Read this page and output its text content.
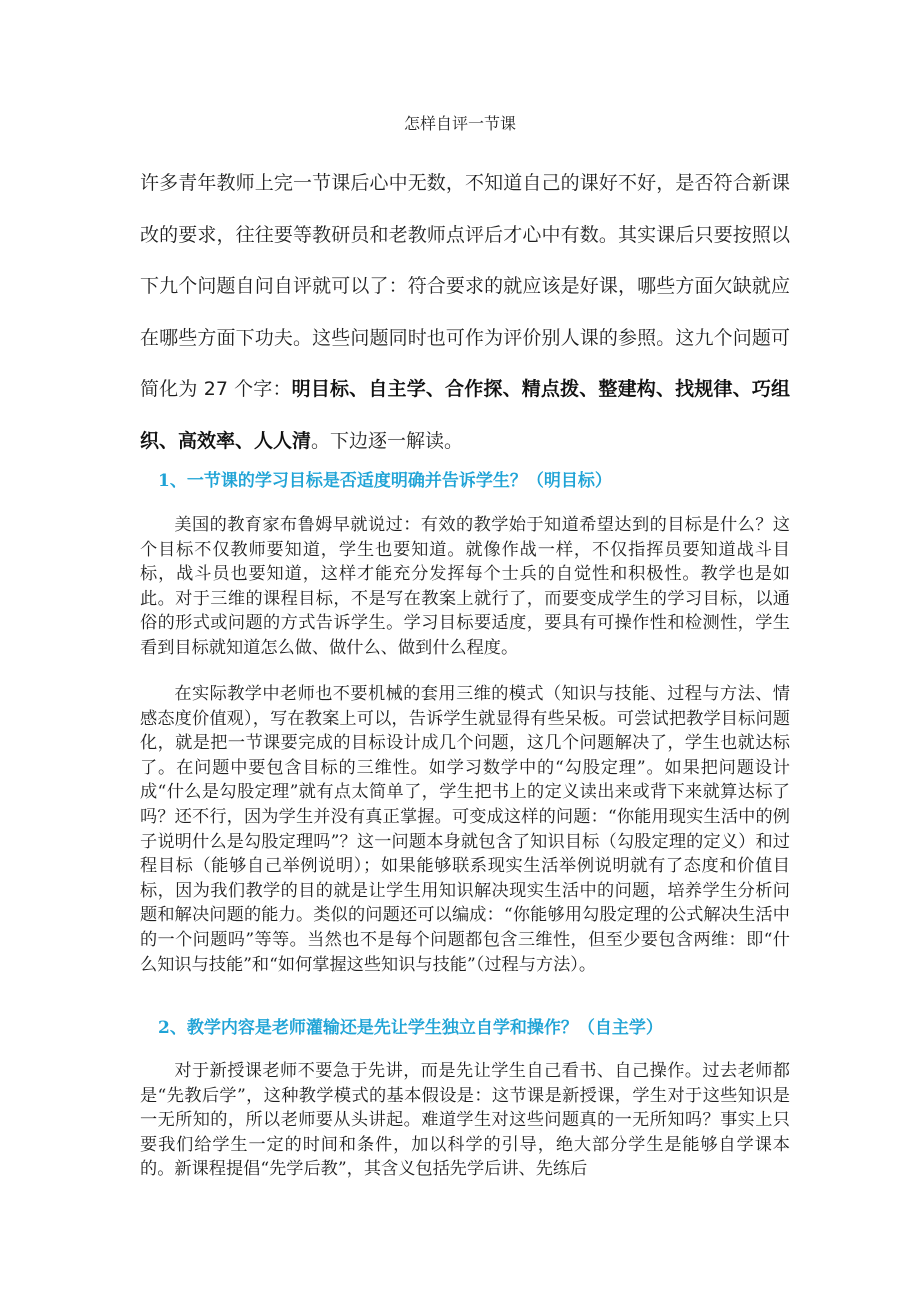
怎样自评一节课
许多青年教师上完一节课后心中无数，不知道自己的课好不好，是否符合新课改的要求，往往要等教研员和老教师点评后才心中有数。其实课后只要按照以下九个问题自问自评就可以了：符合要求的就应该是好课，哪些方面欠缺就应在哪些方面下功夫。这些问题同时也可作为评价别人课的参照。这九个问题可简化为 27 个字：明目标、自主学、合作探、精点拨、整建构、找规律、巧组织、高效率、人人清。下边逐一解读。
1、一节课的学习目标是否适度明确并告诉学生？（明目标）
美国的教育家布鲁姆早就说过：有效的教学始于知道希望达到的目标是什么？这个目标不仅教师要知道，学生也要知道。就像作战一样，不仅指挥员要知道战斗目标，战斗员也要知道，这样才能充分发挥每个士兵的自觉性和积极性。教学也是如此。对于三维的课程目标，不是写在教案上就行了，而要变成学生的学习目标，以通俗的形式或问题的方式告诉学生。学习目标要适度，要具有可操作性和检测性，学生看到目标就知道怎么做、做什么、做到什么程度。
在实际教学中老师也不要机械的套用三维的模式（知识与技能、过程与方法、情感态度价值观），写在教案上可以，告诉学生就显得有些呆板。可尝试把教学目标问题化，就是把一节课要完成的目标设计成几个问题，这几个问题解决了，学生也就达标了。在问题中要包含目标的三维性。如学习数学中的“勾股定理”。如果把问题设计成“什么是勾股定理”就有点太简单了，学生把书上的定义读出来或背下来就算达标了吗？还不行，因为学生并没有真正掌握。可变成这样的问题：“你能用现实生活中的例子说明什么是勾股定理吗”？这一问题本身就包含了知识目标（勾股定理的定义）和过程目标（能够自己举例说明）；如果能够联系现实生活举例说明就有了态度和价值目标，因为我们教学的目的就是让学生用知识解决现实生活中的问题，培养学生分析问题和解决问题的能力。类似的问题还可以编成：“你能够用勾股定理的公式解决生活中的一个问题吗”等等。当然也不是每个问题都包含三维性，但至少要包含两维：即“什么知识与技能”和“如何掌握这些知识与技能”（过程与方法）。
2、教学内容是老师灌输还是先让学生独立自学和操作？（自主学）
对于新授课老师不要急于先讲，而是先让学生自己看书、自己操作。过去老师都是“先教后学”，这种教学模式的基本假设是：这节课是新授课，学生对于这些知识是一无所知的，所以老师要从头讲起。难道学生对这些问题真的一无所知吗？事实上只要我们给学生一定的时间和条件，加以科学的引导，绝大部分学生是能够自学课本的。新课程提倡“先学后教”，其含义包括先学后讲、先练后
